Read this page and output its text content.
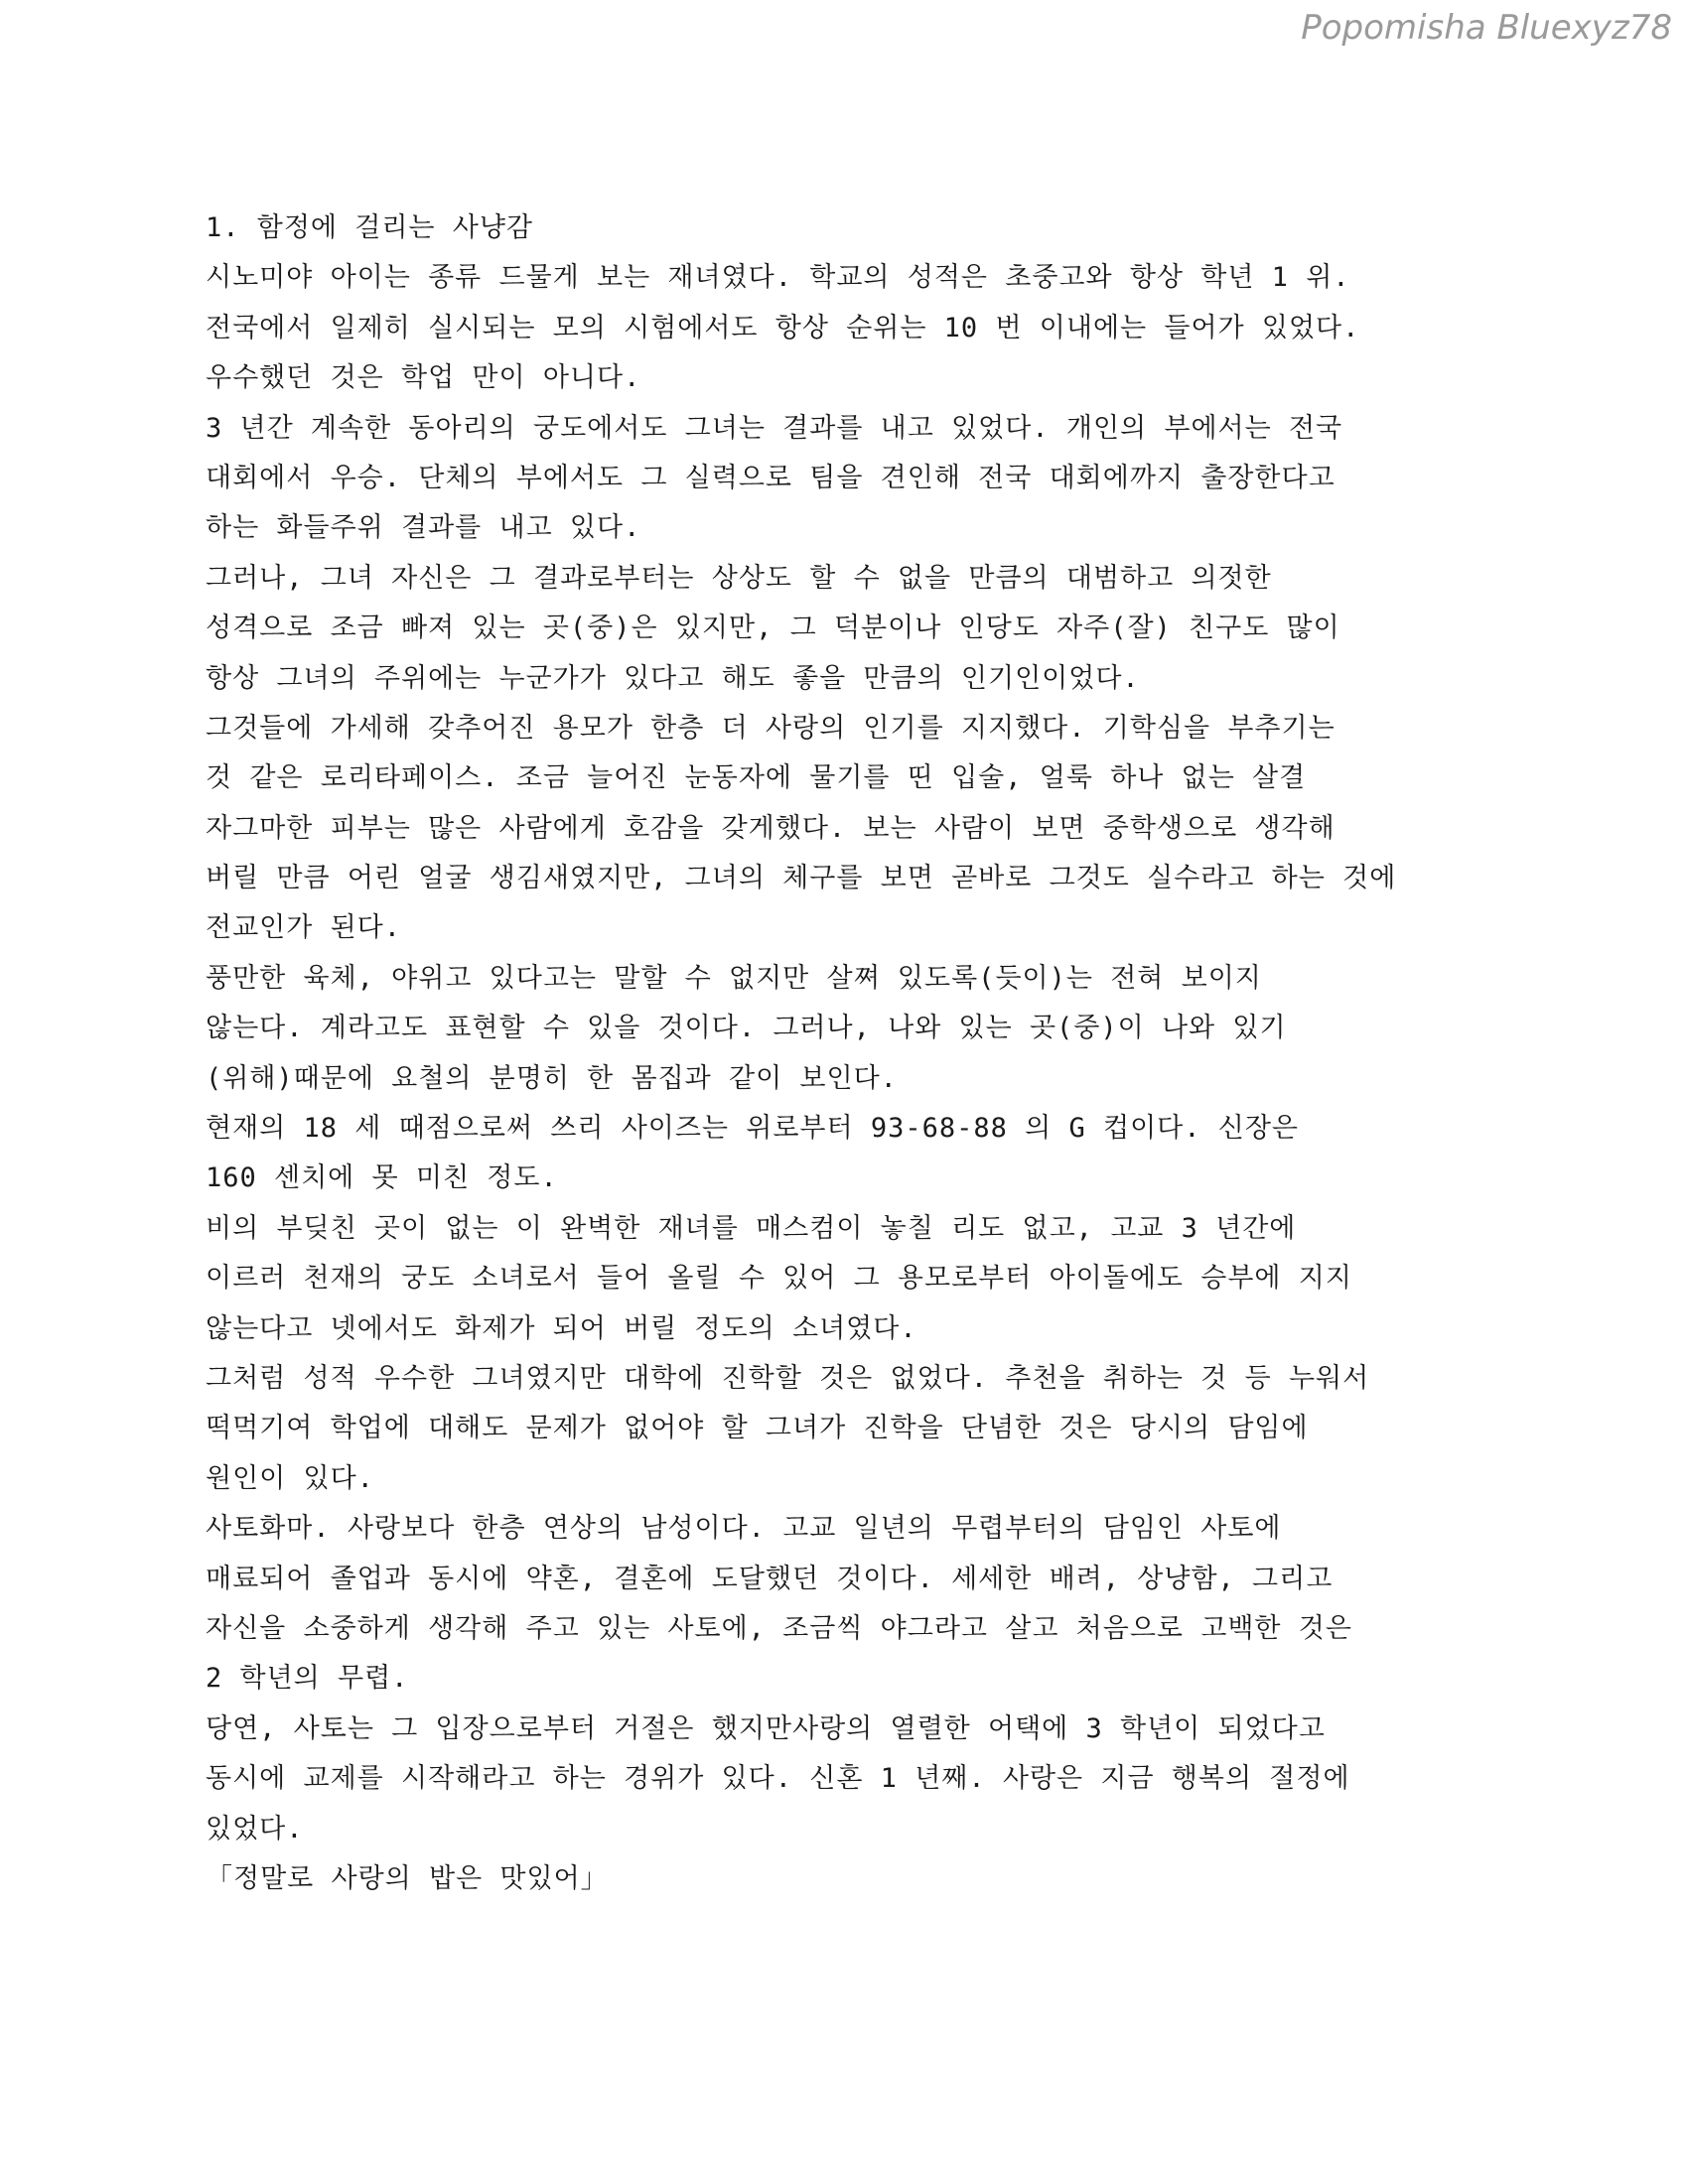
Popomisha Bluexyz78
1. 함정에 걸리는 사냥감
시노미야 아이는 종류 드물게 보는 재녀였다. 학교의 성적은 초중고와 항상 학년 1 위.
전국에서 일제히 실시되는 모의 시험에서도 항상 순위는 10 번 이내에는 들어가 있었다.
우수했던 것은 학업 만이 아니다.
3 년간 계속한 동아리의 궁도에서도 그녀는 결과를 내고 있었다. 개인의 부에서는 전국
대회에서 우승. 단체의 부에서도 그 실력으로 팀을 견인해 전국 대회에까지 출장한다고
하는 화들주위 결과를 내고 있다.
그러나, 그녀 자신은 그 결과로부터는 상상도 할 수 없을 만큼의 대범하고 의젓한
성격으로 조금 빠져 있는 곳(중)은 있지만, 그 덕분이나 인당도 자주(잘) 친구도 많이
항상 그녀의 주위에는 누군가가 있다고 해도 좋을 만큼의 인기인이었다.
그것들에 가세해 갖추어진 용모가 한층 더 사랑의 인기를 지지했다. 기학심을 부추기는
것 같은 로리타페이스. 조금 늘어진 눈동자에 물기를 띤 입술, 얼룩 하나 없는 살결
자그마한 피부는 많은 사람에게 호감을 갖게했다. 보는 사람이 보면 중학생으로 생각해
버릴 만큼 어린 얼굴 생김새였지만, 그녀의 체구를 보면 곧바로 그것도 실수라고 하는 것에
전교인가 된다.
풍만한 육체, 야위고 있다고는 말할 수 없지만 살쪄 있도록(듯이)는 전혀 보이지
않는다. 계라고도 표현할 수 있을 것이다. 그러나, 나와 있는 곳(중)이 나와 있기
(위해)때문에 요철의 분명히 한 몸집과 같이 보인다.
현재의 18 세 때점으로써 쓰리 사이즈는 위로부터 93-68-88 의 G 컵이다. 신장은
160 센치에 못 미친 정도.
비의 부딪친 곳이 없는 이 완벽한 재녀를 매스컴이 놓칠 리도 없고, 고교 3 년간에
이르러 천재의 궁도 소녀로서 들어 올릴 수 있어 그 용모로부터 아이돌에도 승부에 지지
않는다고 넷에서도 화제가 되어 버릴 정도의 소녀였다.
그처럼 성적 우수한 그녀였지만 대학에 진학할 것은 없었다. 추천을 취하는 것 등 누워서
떡먹기여 학업에 대해도 문제가 없어야 할 그녀가 진학을 단념한 것은 당시의 담임에
원인이 있다.
사토화마. 사랑보다 한층 연상의 남성이다. 고교 일년의 무렵부터의 담임인 사토에
매료되어 졸업과 동시에 약혼, 결혼에 도달했던 것이다. 세세한 배려, 상냥함, 그리고
자신을 소중하게 생각해 주고 있는 사토에, 조금씩 야그라고 살고 처음으로 고백한 것은
2 학년의 무렵.
당연, 사토는 그 입장으로부터 거절은 했지만사랑의 열렬한 어택에 3 학년이 되었다고
동시에 교제를 시작해라고 하는 경위가 있다. 신혼 1 년째. 사랑은 지금 행복의 절정에
있었다.
「정말로 사랑의 밥은 맛있어」
